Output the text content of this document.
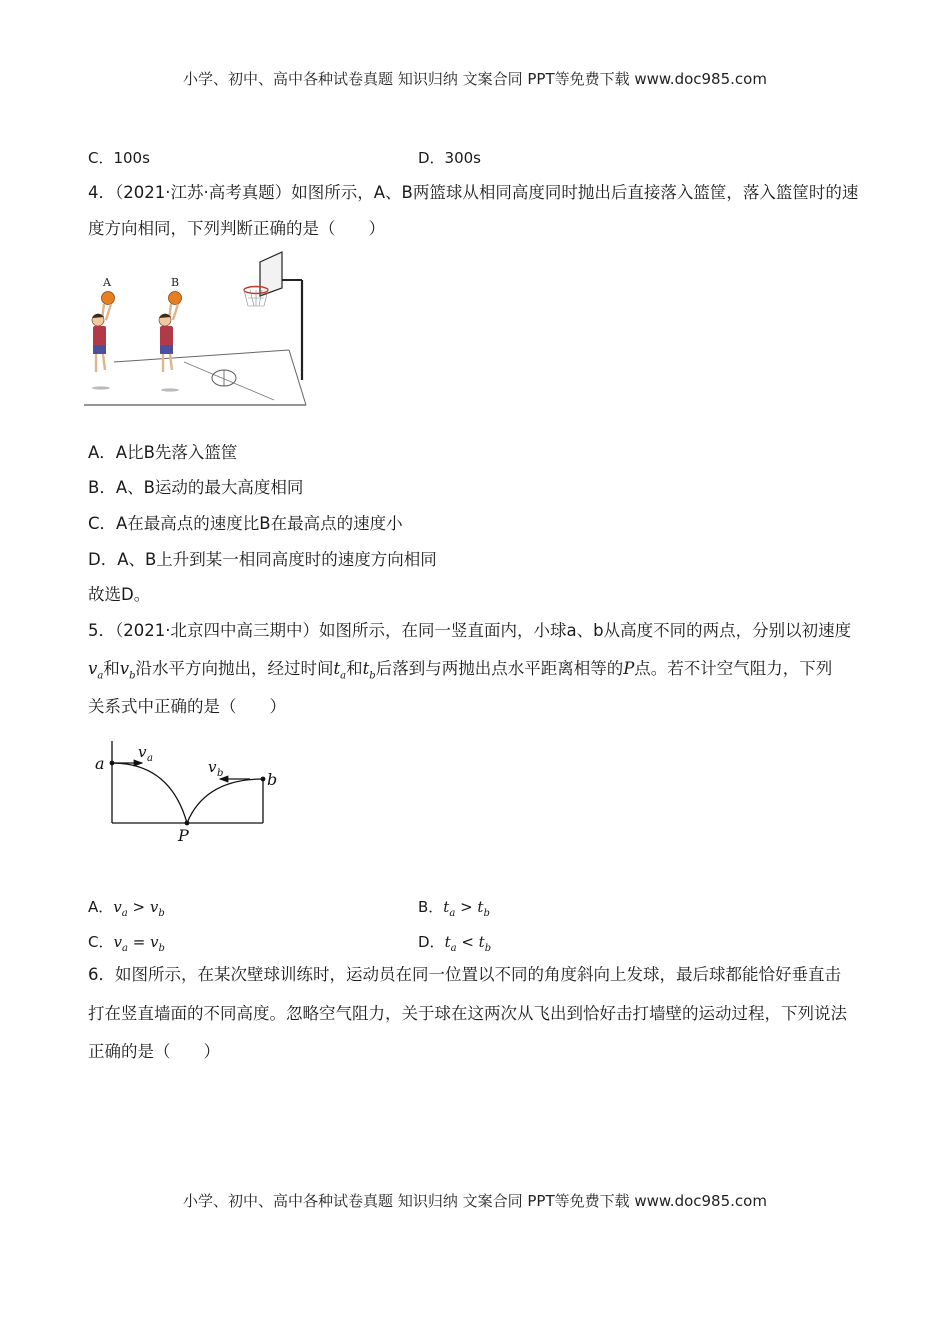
小学、初中、高中各种试卷真题 知识归纳 文案合同 PPT等免费下载 www.doc985.com
C．100s	D．300s
4．（2021·江苏·高考真题）如图所示，A、B两篮球从相同高度同时抛出后直接落入篮筐，落入篮筐时的速
度方向相同，下列判断正确的是（　　）
A	B
A．A比B先落入篮筐
B．A、B运动的最大高度相同
C．A在最高点的速度比B在最高点的速度小
D．A、B上升到某一相同高度时的速度方向相同
故选D。
5．（2021·北京四中高三期中）如图所示，在同一竖直面内，小球a、b从高度不同的两点，分别以初速度
$v_a$和$v_b$沿水平方向抛出，经过时间$t_a$和$t_b$后落到与两抛出点水平距离相等的P点。若不计空气阻力，下列
关系式中正确的是（　　）
a
b
P
v a	v b
A．$v_a > v_b$	B．$t_a > t_b$
C．$v_a = v_b$	D．$t_a < t_b$
6．如图所示，在某次壁球训练时，运动员在同一位置以不同的角度斜向上发球，最后球都能恰好垂直击
打在竖直墙面的不同高度。忽略空气阻力，关于球在这两次从飞出到恰好击打墙壁的运动过程，下列说法
正确的是（　　）
小学、初中、高中各种试卷真题 知识归纳 文案合同 PPT等免费下载 www.doc985.com
